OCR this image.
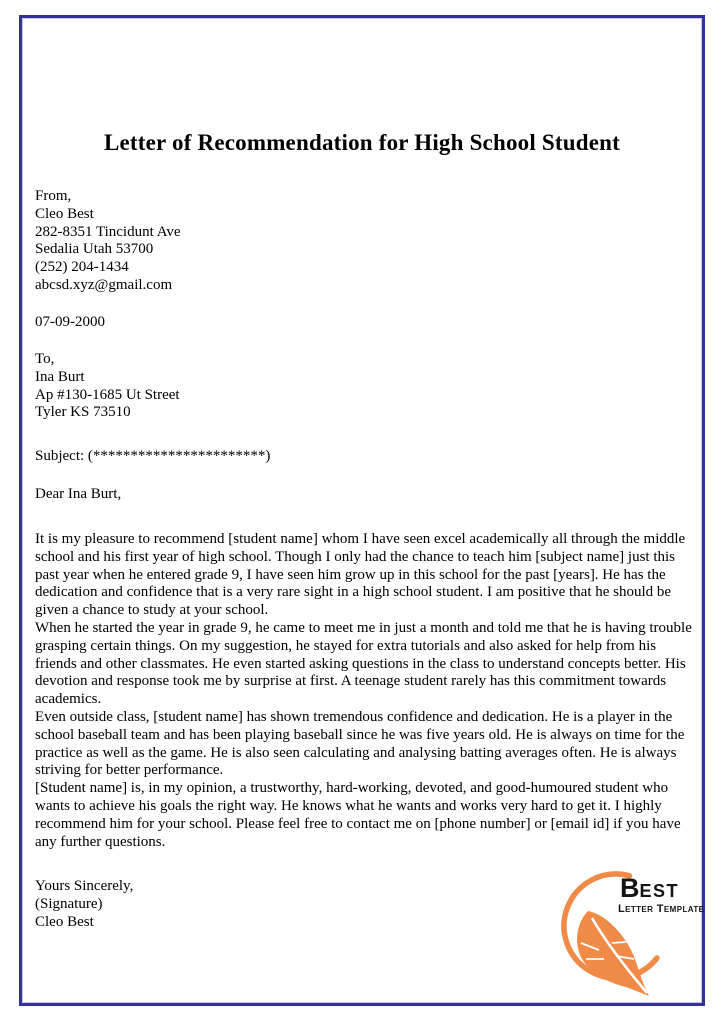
Letter of Recommendation for High School Student
From,
Cleo Best
282-8351 Tincidunt Ave
Sedalia Utah 53700
(252) 204-1434
abcsd.xyz@gmail.com
07-09-2000
To,
Ina Burt
Ap #130-1685 Ut Street
Tyler KS 73510
Subject: (***********************)
Dear Ina Burt,

It is my pleasure to recommend [student name] whom I have seen excel academically all through the middle school and his first year of high school. Though I only had the chance to teach him [subject name] just this past year when he entered grade 9, I have seen him grow up in this school for the past [years]. He has the dedication and confidence that is a very rare sight in a high school student. I am positive that he should be given a chance to study at your school.

When he started the year in grade 9, he came to meet me in just a month and told me that he is having trouble grasping certain things. On my suggestion, he stayed for extra tutorials and also asked for help from his friends and other classmates. He even started asking questions in the class to understand concepts better. His devotion and response took me by surprise at first. A teenage student rarely has this commitment towards academics.

Even outside class, [student name] has shown tremendous confidence and dedication. He is a player in the school baseball team and has been playing baseball since he was five years old. He is always on time for the practice as well as the game. He is also seen calculating and analysing batting averages often. He is always striving for better performance.

[Student name] is, in my opinion, a trustworthy, hard-working, devoted, and good-humoured student who wants to achieve his goals the right way. He knows what he wants and works very hard to get it. I highly recommend him for your school. Please feel free to contact me on [phone number] or [email id] if you have any further questions.

Yours Sincerely,
(Signature)
Cleo Best
BEST
Letter Template
